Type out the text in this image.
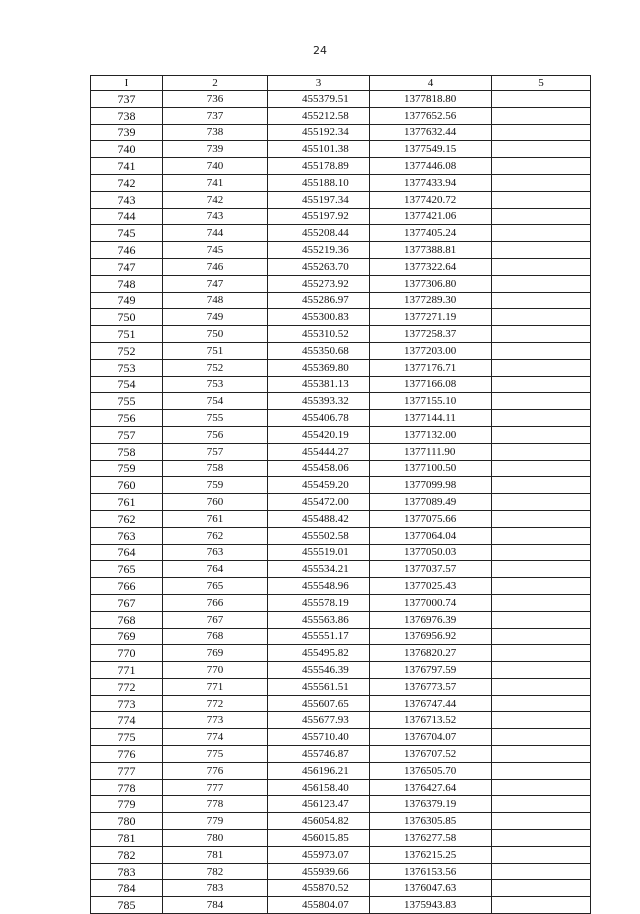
24
I	2	3	4	5
737	736	455379.51	1377818.80	
738	737	455212.58	1377652.56	
739	738	455192.34	1377632.44	
740	739	455101.38	1377549.15	
741	740	455178.89	1377446.08	
742	741	455188.10	1377433.94	
743	742	455197.34	1377420.72	
744	743	455197.92	1377421.06	
745	744	455208.44	1377405.24	
746	745	455219.36	1377388.81	
747	746	455263.70	1377322.64	
748	747	455273.92	1377306.80	
749	748	455286.97	1377289.30	
750	749	455300.83	1377271.19	
751	750	455310.52	1377258.37	
752	751	455350.68	1377203.00	
753	752	455369.80	1377176.71	
754	753	455381.13	1377166.08	
755	754	455393.32	1377155.10	
756	755	455406.78	1377144.11	
757	756	455420.19	1377132.00	
758	757	455444.27	1377111.90	
759	758	455458.06	1377100.50	
760	759	455459.20	1377099.98	
761	760	455472.00	1377089.49	
762	761	455488.42	1377075.66	
763	762	455502.58	1377064.04	
764	763	455519.01	1377050.03	
765	764	455534.21	1377037.57	
766	765	455548.96	1377025.43	
767	766	455578.19	1377000.74	
768	767	455563.86	1376976.39	
769	768	455551.17	1376956.92	
770	769	455495.82	1376820.27	
771	770	455546.39	1376797.59	
772	771	455561.51	1376773.57	
773	772	455607.65	1376747.44	
774	773	455677.93	1376713.52	
775	774	455710.40	1376704.07	
776	775	455746.87	1376707.52	
777	776	456196.21	1376505.70	
778	777	456158.40	1376427.64	
779	778	456123.47	1376379.19	
780	779	456054.82	1376305.85	
781	780	456015.85	1376277.58	
782	781	455973.07	1376215.25	
783	782	455939.66	1376153.56	
784	783	455870.52	1376047.63	
785	784	455804.07	1375943.83	
